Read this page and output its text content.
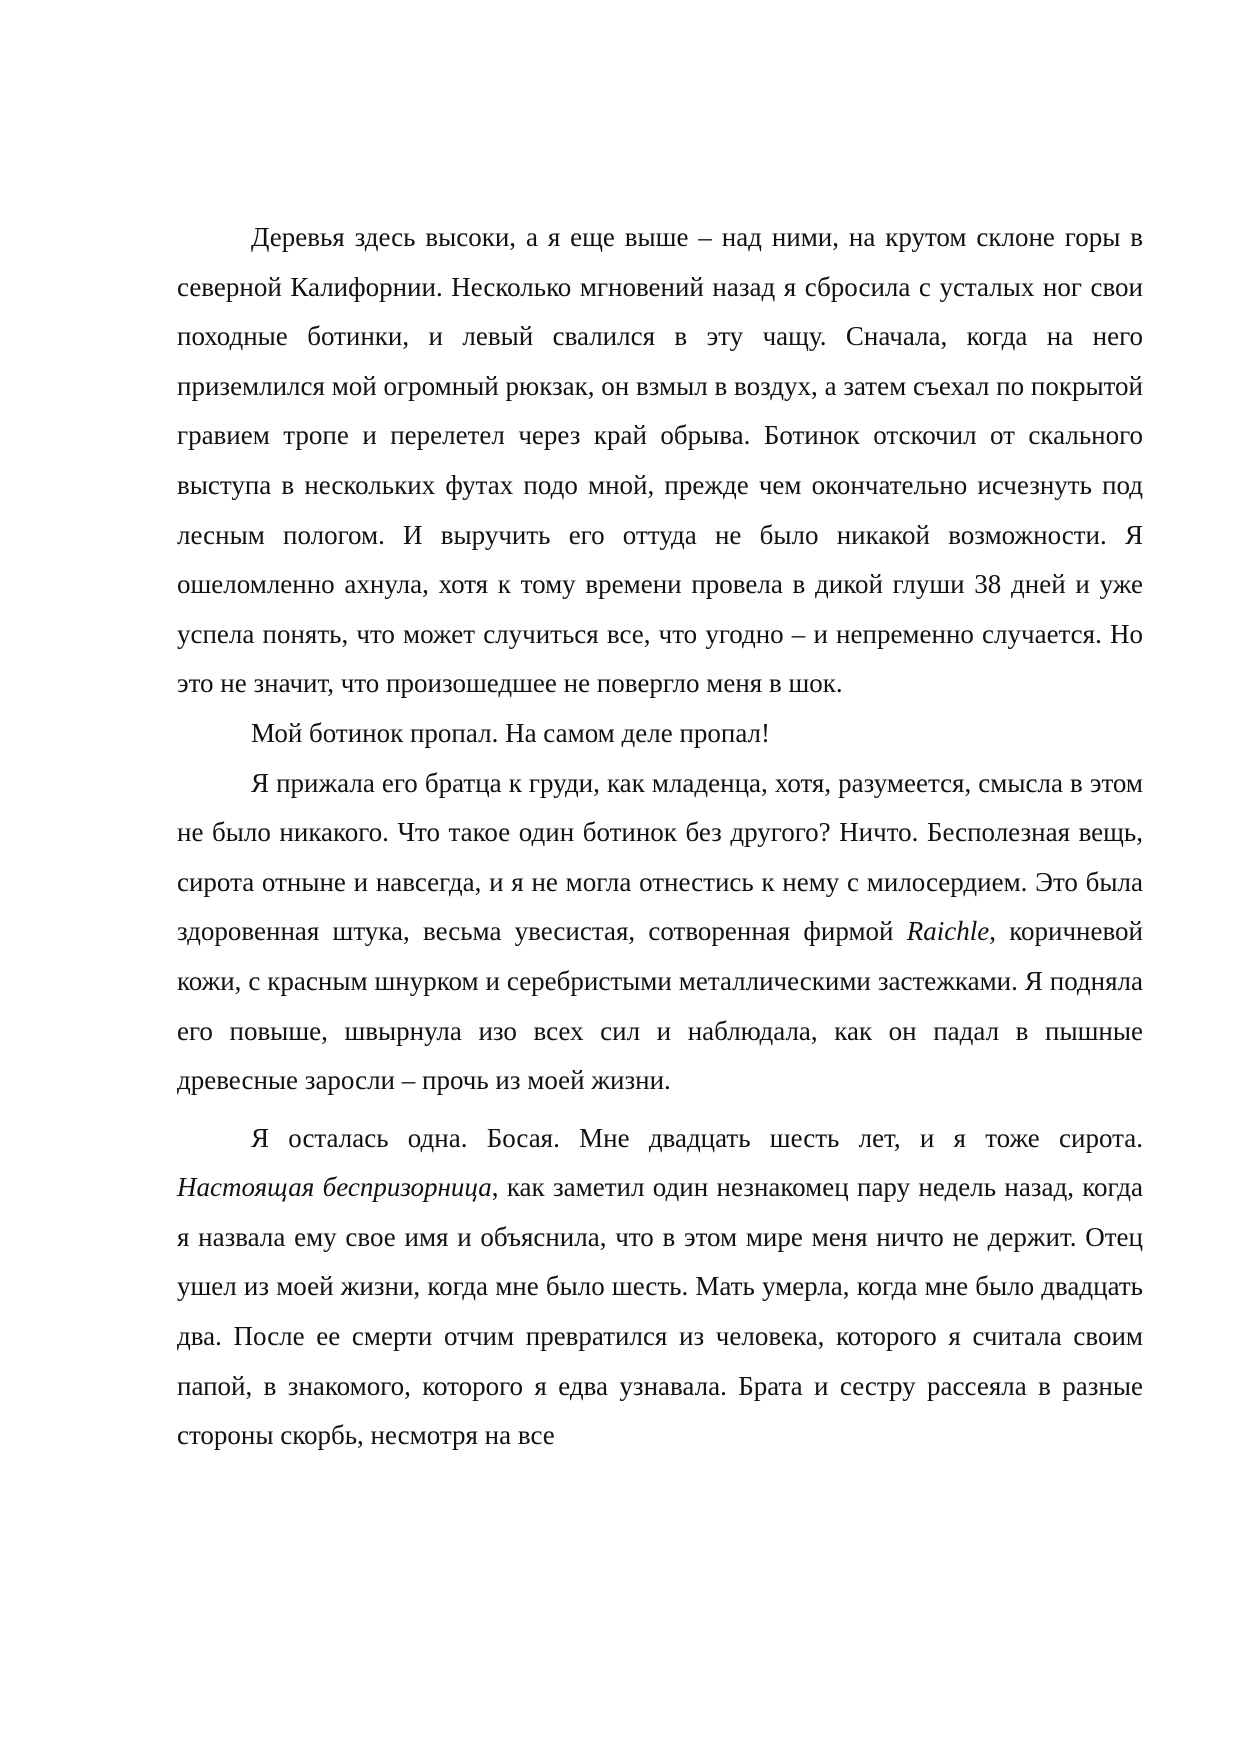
Деревья здесь высоки, а я еще выше – над ними, на крутом склоне горы в северной Калифорнии. Несколько мгновений назад я сбросила с усталых ног свои походные ботинки, и левый свалился в эту чащу. Сначала, когда на него приземлился мой огромный рюкзак, он взмыл в воздух, а затем съехал по покрытой гравием тропе и перелетел через край обрыва. Ботинок отскочил от скального выступа в нескольких футах подо мной, прежде чем окончательно исчезнуть под лесным пологом. И выручить его оттуда не было никакой возможности. Я ошеломленно ахнула, хотя к тому времени провела в дикой глуши 38 дней и уже успела понять, что может случиться все, что угодно – и непременно случается. Но это не значит, что произошедшее не повергло меня в шок.

Мой ботинок пропал. На самом деле пропал!

Я прижала его братца к груди, как младенца, хотя, разумеется, смысла в этом не было никакого. Что такое один ботинок без другого? Ничто. Бесполезная вещь, сирота отныне и навсегда, и я не могла отнестись к нему с милосердием. Это была здоровенная штука, весьма увесистая, сотворенная фирмой Raichle, коричневой кожи, с красным шнурком и серебристыми металлическими застежками. Я подняла его повыше, швырнула изо всех сил и наблюдала, как он падал в пышные древесные заросли – прочь из моей жизни.

Я осталась одна. Босая. Мне двадцать шесть лет, и я тоже сирота. Настоящая беспризорница, как заметил один незнакомец пару недель назад, когда я назвала ему свое имя и объяснила, что в этом мире меня ничто не держит. Отец ушел из моей жизни, когда мне было шесть. Мать умерла, когда мне было двадцать два. После ее смерти отчим превратился из человека, которого я считала своим папой, в знакомого, которого я едва узнавала. Брата и сестру рассеяла в разные стороны скорбь, несмотря на все
